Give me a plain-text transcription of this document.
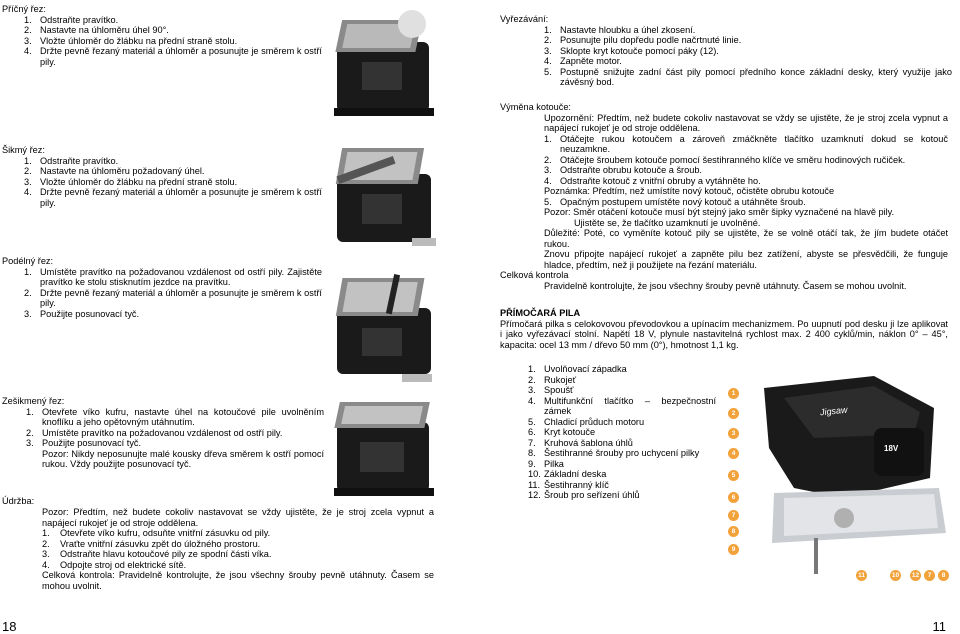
Příčný řez:
1. Odstraňte pravítko.
2. Nastavte na úhloměru úhel 90°.
3. Vložte úhloměr do žlábku na přední straně stolu.
4. Držte pevně řezaný materiál a úhloměr a posunujte je směrem k ostří pily.
Šikmý řez:
1. Odstraňte pravítko.
2. Nastavte na úhloměru požadovaný úhel.
3. Vložte úhloměr do žlábku na přední straně stolu.
4. Držte pevně řezaný materiál a úhloměr a posunujte je směrem k ostří pily.
Podélný řez:
1. Umístěte pravítko na požadovanou vzdálenost od ostří pily. Zajistěte pravítko ke stolu stisknutím jezdce na pravítku.
2. Držte pevně řezaný materiál a úhloměr a posunujte je směrem k ostří pily.
3. Použijte posunovací tyč.
Zešikmený řez:
1. Otevřete víko kufru, nastavte úhel na kotoučové pile uvolněním knoflíku a jeho opětovným utáhnutím.
2. Umístěte pravítko na požadovanou vzdálenost od ostří pily.
3. Použijte posunovací tyč.
Pozor: Nikdy neposunujte malé kousky dřeva směrem k ostří pomocí rukou. Vždy použijte posunovací tyč.
Údržba:
Pozor: Předtím, než budete cokoliv nastavovat se vždy ujistěte, že je stroj zcela vypnut a napájecí rukojeť je od stroje oddělena.
1. Otevřete víko kufru, odsuňte vnitřní zásuvku od pily.
2. Vraťte vnitřní zásuvku zpět do úložného prostoru.
3. Odstraňte hlavu kotoučové pily ze spodní části víka.
4. Odpojte stroj od elektrické sítě.
Celková kontrola: Pravidelně kontrolujte, že jsou všechny šrouby pevně utáhnuty. Časem se mohou uvolnit.
18
Vyřezávání:
1. Nastavte hloubku a úhel zkosení.
2. Posunujte pilu dopředu podle načrtnuté linie.
3. Sklopte kryt kotouče pomocí páky (12).
4. Zapněte motor.
5. Postupně snižujte zadní část pily pomocí předního konce základní desky, který využije jako závěsný bod.
Výměna kotouče:
Upozornění: Předtím, než budete cokoliv nastavovat se vždy se ujistěte, že je stroj zcela vypnut a napájecí rukojeť je od stroje oddělena.
1. Otáčejte rukou kotoučem a zároveň zmáčkněte tlačítko uzamknutí dokud se kotouč neuzamkne.
2. Otáčejte šroubem kotouče pomocí šestihranného klíče ve směru hodinových ručiček.
3. Odstraňte obrubu kotouče a šroub.
4. Odstraňte kotouč z vnitřní obruby a vytáhněte ho.
Poznámka: Předtím, než umístíte nový kotouč, očistěte obrubu kotouče
5. Opačným postupem umístěte nový kotouč a utáhněte šroub.
Pozor: Směr otáčení kotouče musí být stejný jako směr šipky vyznačené na hlavě pily.
Ujistěte se, že tlačítko uzamknutí je uvolněné.
Důležité: Poté, co vyměníte kotouč pily se ujistěte, že se volně otáčí tak, že jím budete otáčet rukou.
Znovu připojte napájecí rukojeť a zapněte pilu bez zatížení, abyste se přesvědčili, že funguje hladce, předtím, než ji použijete na řezání materiálu.
Celková kontrola
Pravidelně kontrolujte, že jsou všechny šrouby pevně utáhnuty. Časem se mohou uvolnit.
PŘÍMOČARÁ PILA
Přímočará pilka s celokovovou převodovkou a upínacím mechanizmem. Po uupnutí pod desku ji lze aplikovat i jako vyřezávací stolní. Napětí 18 V, plynule nastavitelná rychlost max. 2 400 cyklů/min, náklon 0° – 45°, kapacita: ocel 13 mm / dřevo 50 mm (0°), hmotnost 1,1 kg.
1. Uvolňovací západka
2. Rukojeť
3. Spoušť
4. Multifunkční tlačítko – bezpečnostní zámek
5. Chladicí průduch motoru
6. Kryt kotouče
7. Kruhová šablona úhlů
8. Šestihranné šrouby pro uchycení pilky
9. Pilka
10. Základní deska
11. Šestihranný klíč
12. Šroub pro seřízení úhlů
Jigsaw
18V
1
2
3
4
5
6
7
8
9
11	10 12	7	8
11
